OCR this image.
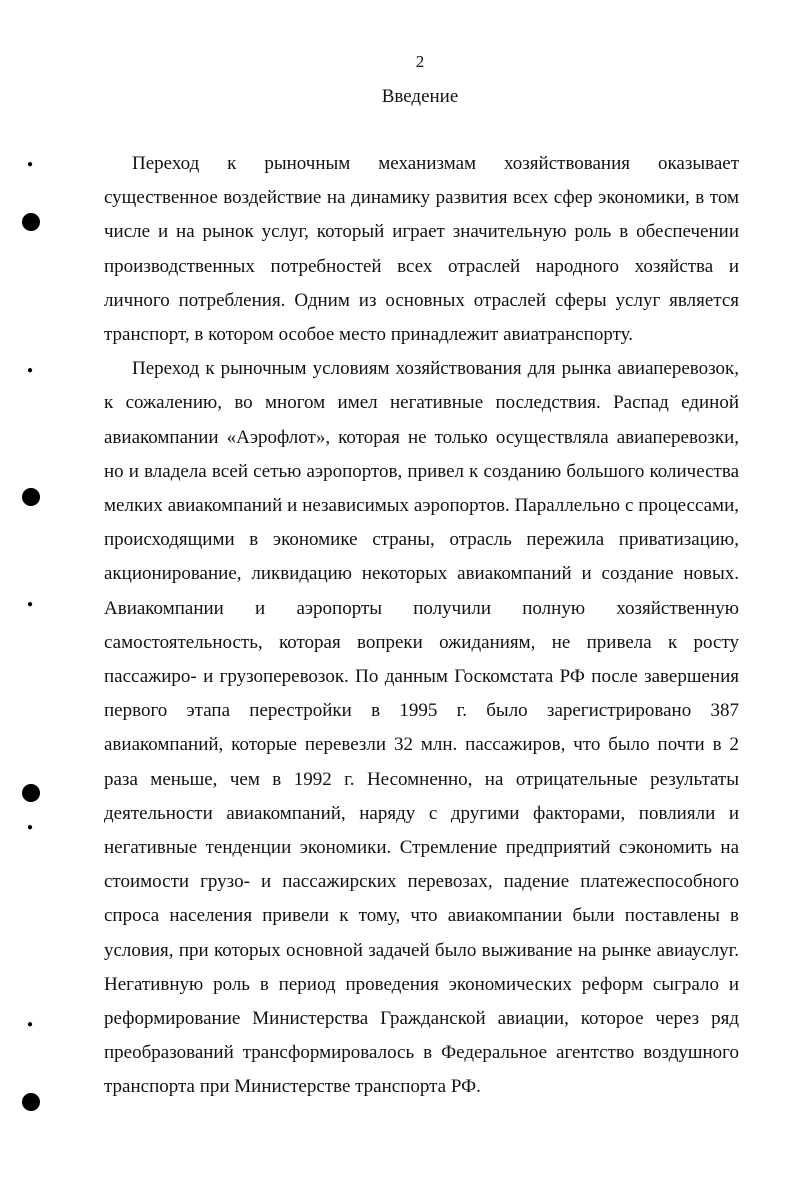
2
Введение

Переход к рыночным механизмам хозяйствования оказывает существенное воздействие на динамику развития всех сфер экономики, в том числе и на рынок услуг, который играет значительную роль в обеспечении производственных потребностей всех отраслей народного хозяйства и личного потребления. Одним из основных отраслей сферы услуг является транспорт, в котором особое место принадлежит авиатранспорту.

Переход к рыночным условиям хозяйствования для рынка авиаперевозок, к сожалению, во многом имел негативные последствия. Распад единой авиакомпании «Аэрофлот», которая не только осуществляла авиаперевозки, но и владела всей сетью аэропортов, привел к созданию большого количества мелких авиакомпаний и независимых аэропортов. Параллельно с процессами, происходящими в экономике страны, отрасль пережила приватизацию, акционирование, ликвидацию некоторых авиакомпаний и создание новых. Авиакомпании и аэропорты получили полную хозяйственную самостоятельность, которая вопреки ожиданиям, не привела к росту пассажиро- и грузоперевозок. По данным Госкомстата РФ после завершения первого этапа перестройки в 1995 г. было зарегистрировано 387 авиакомпаний, которые перевезли 32 млн. пассажиров, что было почти в 2 раза меньше, чем в 1992 г. Несомненно, на отрицательные результаты деятельности авиакомпаний, наряду с другими факторами, повлияли и негативные тенденции экономики. Стремление предприятий сэкономить на стоимости грузо- и пассажирских перевозах, падение платежеспособного спроса населения привели к тому, что авиакомпании были поставлены в условия, при которых основной задачей было выживание на рынке авиауслуг. Негативную роль в период проведения экономических реформ сыграло и реформирование Министерства Гражданской авиации, которое через ряд преобразований трансформировалось в Федеральное агентство воздушного транспорта при Министерстве транспорта РФ.

●
●
●
●
●
